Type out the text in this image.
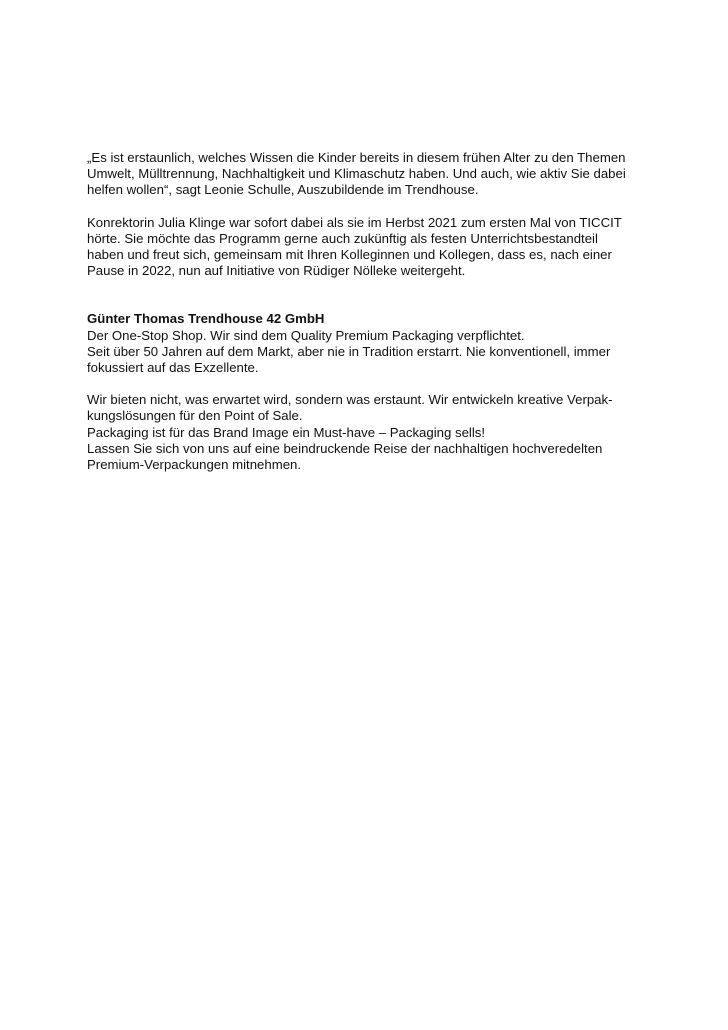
„Es ist erstaunlich, welches Wissen die Kinder bereits in diesem frühen Alter zu den Themen
Umwelt, Mülltrennung, Nachhaltigkeit und Klimaschutz haben. Und auch, wie aktiv Sie dabei
helfen wollen“, sagt Leonie Schulle, Auszubildende im Trendhouse.

Konrektorin Julia Klinge war sofort dabei als sie im Herbst 2021 zum ersten Mal von TICCIT
hörte. Sie möchte das Programm gerne auch zukünftig als festen Unterrichtsbestandteil
haben und freut sich, gemeinsam mit Ihren Kolleginnen und Kollegen, dass es, nach einer
Pause in 2022, nun auf Initiative von Rüdiger Nölleke weitergeht.

Günter Thomas Trendhouse 42 GmbH
Der One-Stop Shop. Wir sind dem Quality Premium Packaging verpflichtet.
Seit über 50 Jahren auf dem Markt, aber nie in Tradition erstarrt. Nie konventionell, immer
fokussiert auf das Exzellente.

Wir bieten nicht, was erwartet wird, sondern was erstaunt. Wir entwickeln kreative Verpak-
kungslösungen für den Point of Sale.
Packaging ist für das Brand Image ein Must-have – Packaging sells!
Lassen Sie sich von uns auf eine beindruckende Reise der nachhaltigen hochveredelten
Premium-Verpackungen mitnehmen.
